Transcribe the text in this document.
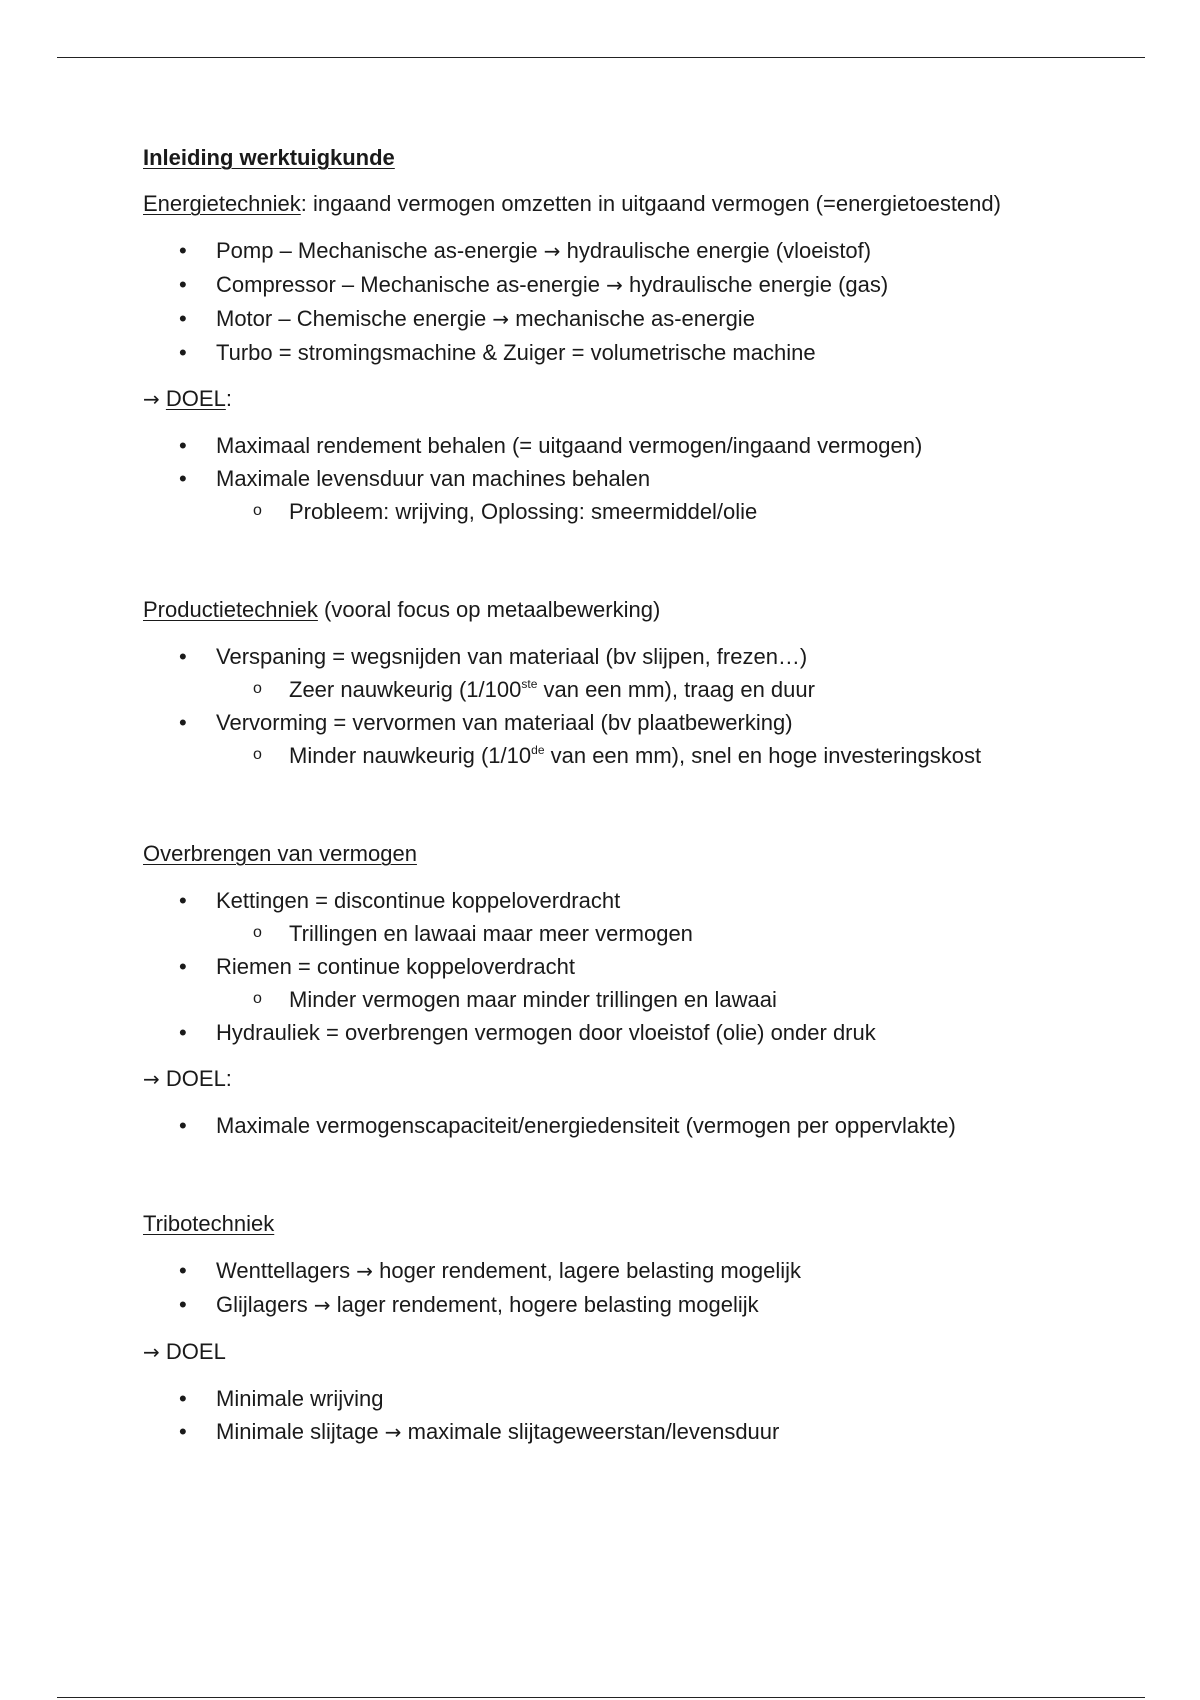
Inleiding werktuigkunde
Energietechniek: ingaand vermogen omzetten in uitgaand vermogen (=energietoestend)
• Pomp – Mechanische as-energie → hydraulische energie (vloeistof)
• Compressor – Mechanische as-energie → hydraulische energie (gas)
• Motor – Chemische energie → mechanische as-energie
• Turbo = stromingsmachine & Zuiger = volumetrische machine
→ DOEL:
• Maximaal rendement behalen (= uitgaand vermogen/ingaand vermogen)
• Maximale levensduur van machines behalen
o Probleem: wrijving, Oplossing: smeermiddel/olie
Productietechniek (vooral focus op metaalbewerking)
• Verspaning = wegsnijden van materiaal (bv slijpen, frezen…)
o Zeer nauwkeurig (1/100ste van een mm), traag en duur
• Vervorming = vervormen van materiaal (bv plaatbewerking)
o Minder nauwkeurig (1/10de van een mm), snel en hoge investeringskost
Overbrengen van vermogen
• Kettingen = discontinue koppeloverdracht
o Trillingen en lawaai maar meer vermogen
• Riemen = continue koppeloverdracht
o Minder vermogen maar minder trillingen en lawaai
• Hydrauliek = overbrengen vermogen door vloeistof (olie) onder druk
→ DOEL:
• Maximale vermogenscapaciteit/energiedensiteit (vermogen per oppervlakte)
Tribotechniek
• Wenttellagers → hoger rendement, lagere belasting mogelijk
• Glijlagers → lager rendement, hogere belasting mogelijk
→ DOEL
• Minimale wrijving
• Minimale slijtage → maximale slijtageweerstan/levensduur
